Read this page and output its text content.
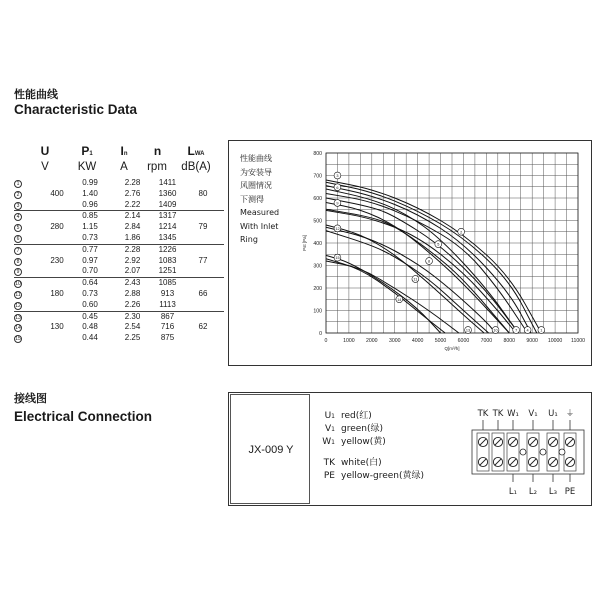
性能曲线
Characteristic Data
U	P1	In	n	LWA
V	KW	A	rpm	dB(A)
1		0.99	2.28	1411	
2	400	1.40	2.76	1360	80
3		0.96	2.22	1409	
4		0.85	2.14	1317	
5	280	1.15	2.84	1214	79
6		0.73	1.86	1345	
7		0.77	2.28	1226	
8	230	0.97	2.92	1083	77
9		0.70	2.07	1251	
10		0.64	2.43	1085	
11	180	0.73	2.88	913	66
12		0.60	2.26	1113	
13		0.45	2.30	867	
14	130	0.48	2.54	716	62
15		0.44	2.25	875	
性能曲线
为安装导
风圈情况
下测得
Measured
With Inlet
Ring
0	1000 2000 3000 4000 5000 6000 7000 8000 9000 10000 11000
0
100
200
300
400
500
600
700
800
Q[m³/h]
Pst [Pa]
1
2
3
4
5
6
7
8
9
10
11
12
13
14
15
接线图
Electrical Connection
JX-009 Y
U1 red(红)
V1 green(绿)
W1 yellow(黄)
TK white(白)
PE yellow-green(黄绿)
TK TK W₁ V₁ U₁ ⏚
L₁ L₂ L₃ PE
